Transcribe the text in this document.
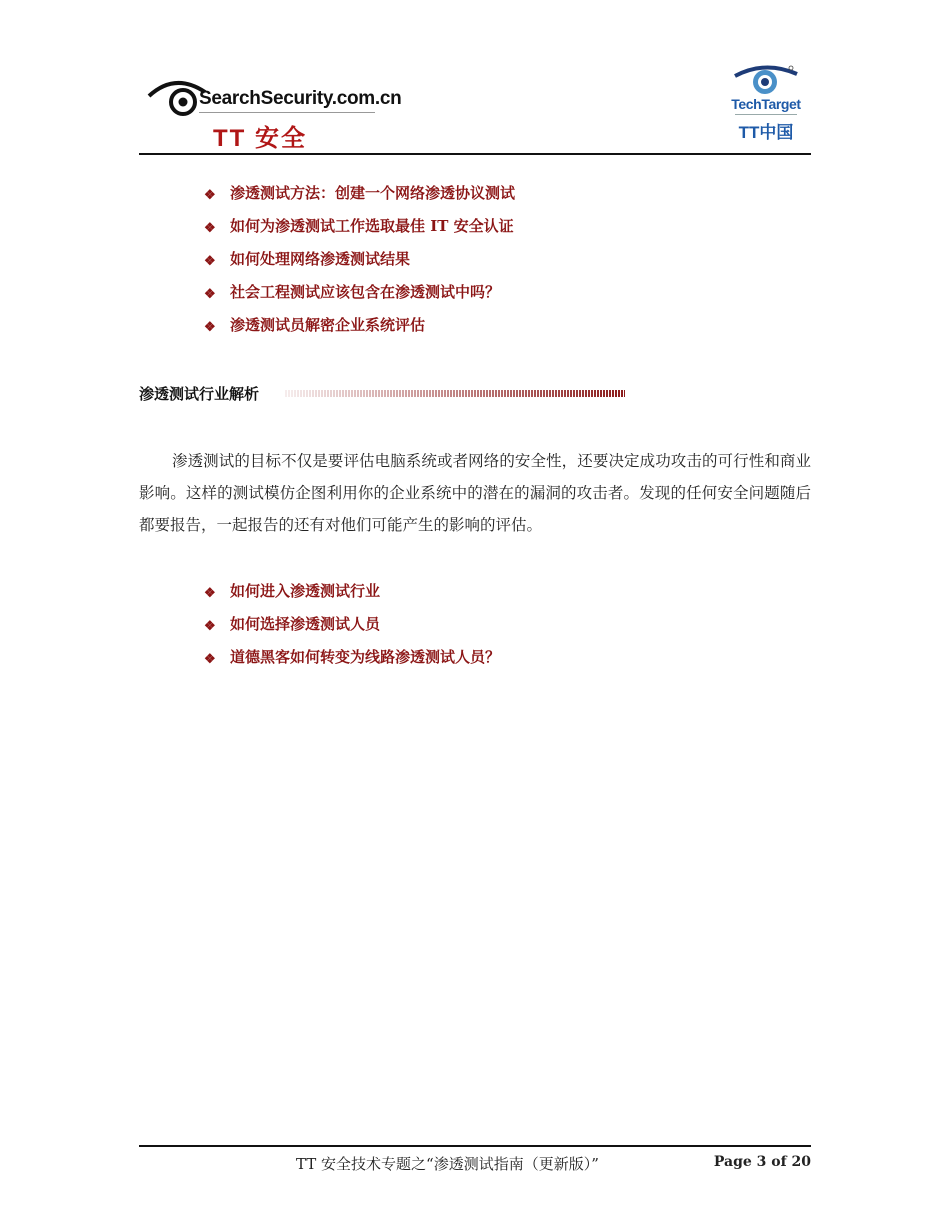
SearchSecurity.com.cn
TT 安全
TechTarget
TT中国
❖ 渗透测试方法：创建一个网络渗透协议测试
❖ 如何为渗透测试工作选取最佳 IT 安全认证
❖ 如何处理网络渗透测试结果
❖ 社会工程测试应该包含在渗透测试中吗？
❖ 渗透测试员解密企业系统评估
渗透测试行业解析

渗透测试的目标不仅是要评估电脑系统或者网络的安全性，还要决定成功攻击的可行性和商业影响。这样的测试模仿企图利用你的企业系统中的潜在的漏洞的攻击者。发现的任何安全问题随后都要报告，一起报告的还有对他们可能产生的影响的评估。

❖ 如何进入渗透测试行业
❖ 如何选择渗透测试人员
❖ 道德黑客如何转变为线路渗透测试人员？
TT 安全技术专题之“渗透测试指南（更新版）”	Page 3 of 20
